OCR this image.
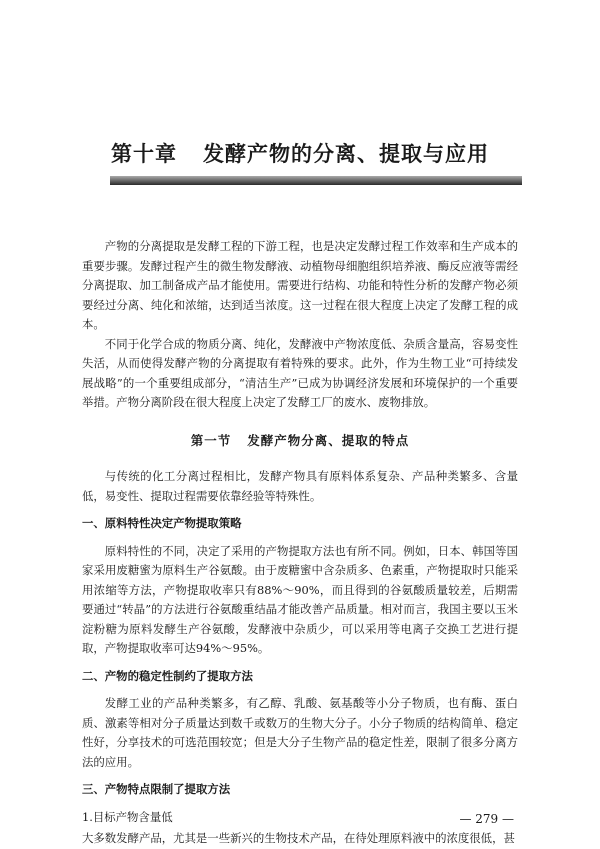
第十章 发酵产物的分离、提取与应用

产物的分离提取是发酵工程的下游工程，也是决定发酵过程工作效率和生产成本的重要步骤。发酵过程产生的微生物发酵液、动植物母细胞组织培养液、酶反应液等需经分离提取、加工制备成产品才能使用。需要进行结构、功能和特性分析的发酵产物必须要经过分离、纯化和浓缩，达到适当浓度。这一过程在很大程度上决定了发酵工程的成本。

不同于化学合成的物质分离、纯化，发酵液中产物浓度低、杂质含量高，容易变性失活，从而使得发酵产物的分离提取有着特殊的要求。此外，作为生物工业“可持续发展战略”的一个重要组成部分，“清洁生产”已成为协调经济发展和环境保护的一个重要举措。产物分离阶段在很大程度上决定了发酵工厂的废水、废物排放。

第一节 发酵产物分离、提取的特点

与传统的化工分离过程相比，发酵产物具有原料体系复杂、产品种类繁多、含量低，易变性、提取过程需要依靠经验等特殊性。

一、原料特性决定产物提取策略

原料特性的不同，决定了采用的产物提取方法也有所不同。例如，日本、韩国等国家采用废糖蜜为原料生产谷氨酸。由于废糖蜜中含杂质多、色素重，产物提取时只能采用浓缩等方法，产物提取收率只有88%～90%，而且得到的谷氨酸质量较差，后期需要通过“转晶”的方法进行谷氨酸重结晶才能改善产品质量。相对而言，我国主要以玉米淀粉糖为原料发酵生产谷氨酸，发酵液中杂质少，可以采用等电离子交换工艺进行提取，产物提取收率可达94%～95%。

二、产物的稳定性制约了提取方法

发酵工业的产品种类繁多，有乙醇、乳酸、氨基酸等小分子物质，也有酶、蛋白质、激素等相对分子质量达到数千或数万的生物大分子。小分子物质的结构简单、稳定性好，分享技术的可选范围较宽；但是大分子生物产品的稳定性差，限制了很多分离方法的应用。

三、产物特点限制了提取方法
1.目标产物含量低

大多数发酵产品，尤其是一些新兴的生物技术产品，在待处理原料液中的浓度很低，甚

— 279 —
